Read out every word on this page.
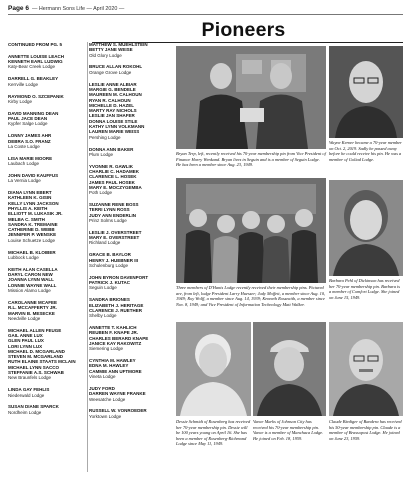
Page 6 — Hermann Sons Life — April 2020 —
Pioneers
CONTINUED FROM PG. 5
ANNETTE LOUISE LEACH
KENNETH EARL LUDWIG
Katy-Bear Creek Lodge
DARRELL G. BEAKLEY
Kerrville Lodge
RAYMOND O. SZCEPANIK
Kirby Lodge
DAVID MANNING DEAN
PAUL JACE DEAN
Kypfer Salge Lodge
LONNY JAMES AHR
DEBRA S.O. FRANZ
La Coste Lodge
LISA MARIE MOORE
Laubach Lodge
JOHN DAVID KAUFFUS
La Vernia Lodge
DIANA LYNN EBERT
KATHLEEN K. GISIN
KELLY LYNN JACKSON
PHYLLIS A. KEITH
ELLIOTT M. LUKASIK JR.
MELBA C. SMITH
SANDRA K. TREMAINE
CATHERINE D. WEBB
JENNIFER P. WENSKE
Louise Schuetze Lodge
MICHAEL B. KLOIBER
Lubbock Lodge
KEITH ALAN CASELLA
DARYL CARON NEW
JOANNA LYNN WALL
LONNIE WAYNE WALL
Mission Alamo Lodge
CAROLANNE MCAFEE
R.L. MCCAFFERTY JR.
MARVIN B. MESECKE
Needville Lodge
MICHAEL ALLEN FEUGE
GAIL ANNE LUX
GLEN PAUL LUX
LORI LYNN LUX
MICHAEL D. MCGARLAND
STEVEN M. MCGARLAND
RUTH ELAINE STAATS MCLAIN
MICHAEL LYNN SACCO
STEFFANIE A.S. SCHWAB
New Braunfels Lodge
LINDA GAY FEHLIS
Niederwald Lodge
SUSAN DIANE SPARCK
Nordheim Lodge
MATTHEW S. MUEHLSTEIN
BETTY JANE WEISE
Old Glory Lodge
BRUCE ALLAN ROKOHL
Orange Grove Lodge
LESLIE ANNE ALBIAR
MARGIE G. BENDELE
MAUREEN M. CALHOUN
RYAN R. CALHOUN
MICHELLE D. HAZEL
MARTY RAY NICHOLS
LESLIE JAN SHAFER
DONNA LOUISE STILE
KATHY LYNN VOLKMANN
LAUREN MARIE WEISS
Pershing Lodge
DONNA ANN BAKER
Plum Lodge
YVONNE R. GAWLIK
CHARLIE C. HADAMEK
CLARENCE L. HOSEK
JAMES PAUL HOSEK
MARY E. MOCZYGEMBA
Poth Lodge
SUZANNE RENE BOSS
TERRI LYNN ROSS
JUDY ANN ENDERLIN
Prinz Solms Lodge
LESLIE J. OVERSTREET
MARY E. OVERSTREET
Richland Lodge
GRACE B. BAYLOR
HENRY J. HUEBNER III
Schulenburg Lodge
JOHN BYRON DAVENPORT
PATRICK J. KUTAC
Seguin Lodge
SANDRA BRIONES
ELIZABETH J. HERITAGE
CLARENCE J. RUETHER
Shelby Lodge
ANNETTE T. KAHLICH
REUBEN F. KNAPE JR.
CHARLES BERARD KNAPE
JANICE KAY RAKOWITZ
Siemering Lodge
CYNTHIA M. HAWLEY
EDNA M. HAWLEY
CAMMIE ANN UFTMORE
Vineta Lodge
JUDY FORD
DARREN WAYNE FRANKE
Weesatche Lodge
RUSSELL W. VONROEDER
Yorktown Lodge
Bryan Terp, left, recently received his 70-year membership pin from Vice President of Finance Harry Wenkand. Bryan lives in Seguin and is a member of Seguin Lodge. He has been a member since Aug. 23, 1949.
Wayne Kerner became a 70-year member on Oct. 2, 2019. Sadly he passed away before he could receive his pin. He was a member of Goliad Lodge.
Three members of D'Hanis Lodge recently received their membership pins. Pictured are, from left, lodge President Larry Huesser; Judy Moffett, a member since Aug. 10, 1949; Roy Wolff, a member since Aug. 14, 1939; Kenneth Rosseaith, a member since Nov. 8, 1949; and Vice President of Information Technology Matt Walker.
Barbara Pehl of Dickinson has received her 70-year membership pin. Barbara is a member of Comfort Lodge. She joined on June 15, 1949.
Dessie Schmidt of Rosenberg has received her 70-year membership pin. Dessie will be 100 years young on April 16. She has been a member of Rosenberg-Richmond Lodge since May 11, 1949.
Vance Marks of Johnson City has received his 70-year membership pin. Vance is a member of Manchaca Lodge. He joined on Feb. 18, 1959.
Claude Biediger of Bandera has received his 50-year membership pin. Claude is a member of Brassopost Lodge. He joined on June 23, 1959.
